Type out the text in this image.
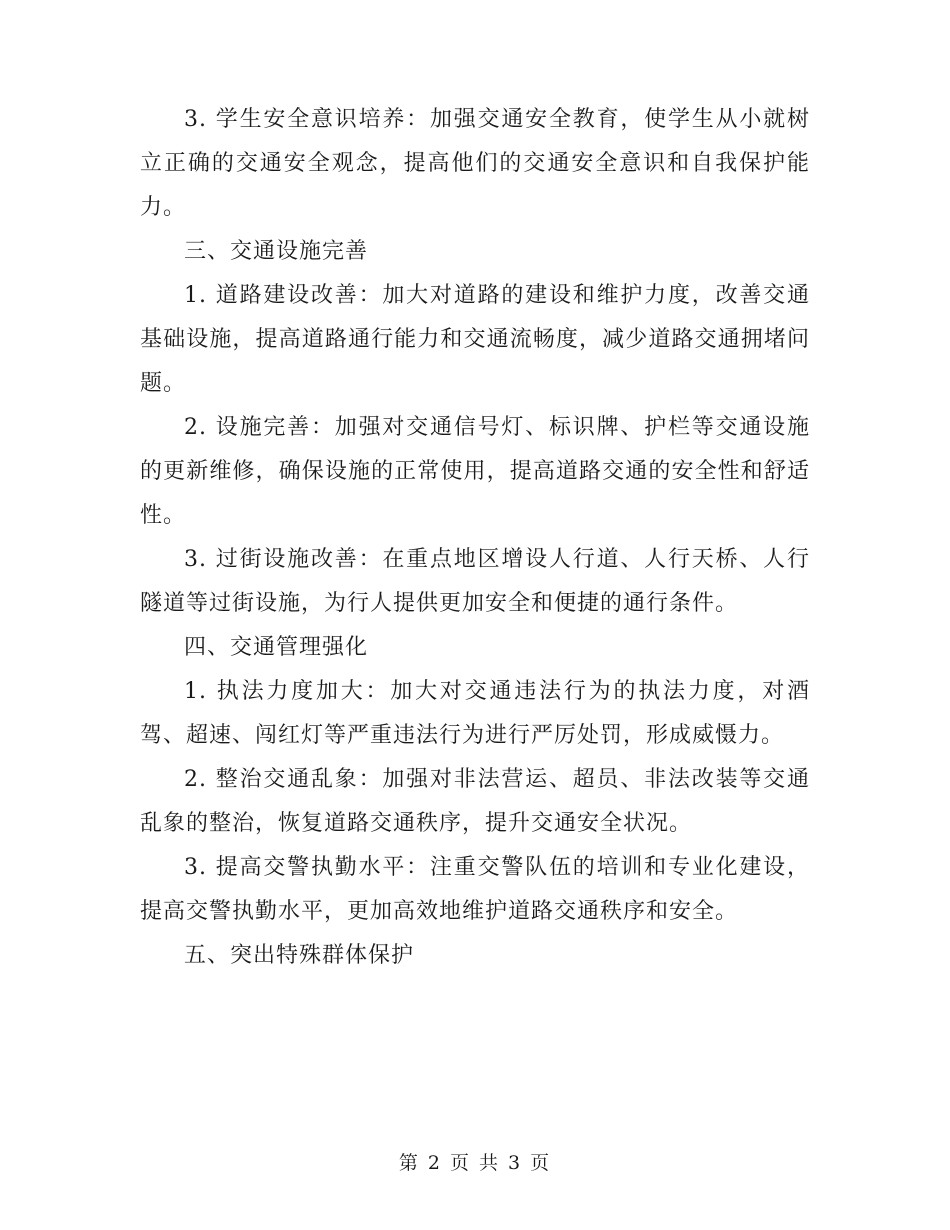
3. 学生安全意识培养：加强交通安全教育，使学生从小就树立正确的交通安全观念，提高他们的交通安全意识和自我保护能力。

三、交通设施完善

1. 道路建设改善：加大对道路的建设和维护力度，改善交通基础设施，提高道路通行能力和交通流畅度，减少道路交通拥堵问题。

2. 设施完善：加强对交通信号灯、标识牌、护栏等交通设施的更新维修，确保设施的正常使用，提高道路交通的安全性和舒适性。

3. 过街设施改善：在重点地区增设人行道、人行天桥、人行隧道等过街设施，为行人提供更加安全和便捷的通行条件。

四、交通管理强化

1. 执法力度加大：加大对交通违法行为的执法力度，对酒驾、超速、闯红灯等严重违法行为进行严厉处罚，形成威慑力。

2. 整治交通乱象：加强对非法营运、超员、非法改装等交通乱象的整治，恢复道路交通秩序，提升交通安全状况。

3. 提高交警执勤水平：注重交警队伍的培训和专业化建设，提高交警执勤水平，更加高效地维护道路交通秩序和安全。

五、突出特殊群体保护

第 2 页 共 3 页
